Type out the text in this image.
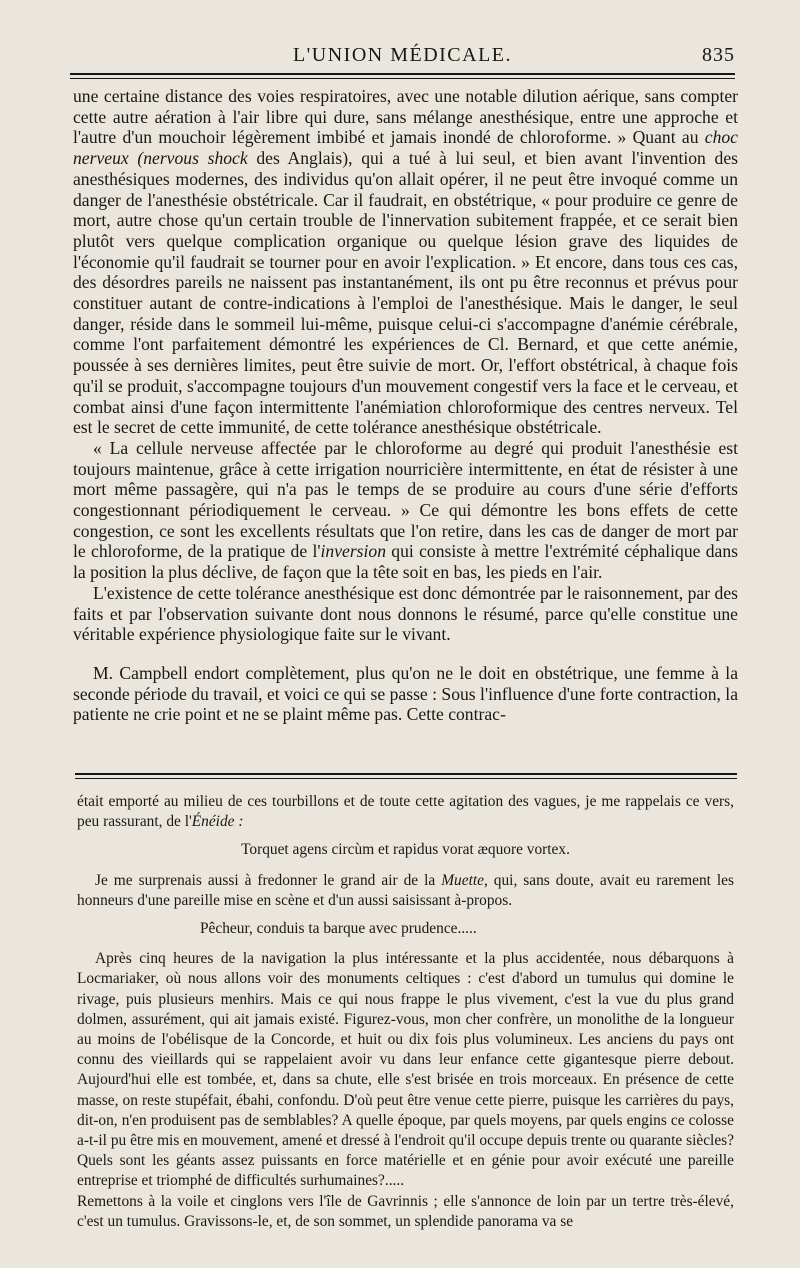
L'UNION MÉDICALE.	835

une certaine distance des voies respiratoires, avec une notable dilution aérique, sans compter cette autre aération à l'air libre qui dure, sans mélange anesthésique, entre une approche et l'autre d'un mouchoir légèrement imbibé et jamais inondé de chloroforme. » Quant au choc nerveux (nervous shock des Anglais), qui a tué à lui seul, et bien avant l'invention des anesthésiques modernes, des individus qu'on allait opérer, il ne peut être invoqué comme un danger de l'anesthésie obstétricale. Car il faudrait, en obstétrique, « pour produire ce genre de mort, autre chose qu'un certain trouble de l'innervation subitement frappée, et ce serait bien plutôt vers quelque complication organique ou quelque lésion grave des liquides de l'économie qu'il faudrait se tourner pour en avoir l'explication. » Et encore, dans tous ces cas, des désordres pareils ne naissent pas instantanément, ils ont pu être reconnus et prévus pour constituer autant de contre-indications à l'emploi de l'anesthésique. Mais le danger, le seul danger, réside dans le sommeil lui-même, puisque celui-ci s'accompagne d'anémie cérébrale, comme l'ont parfaitement démontré les expériences de Cl. Bernard, et que cette anémie, poussée à ses dernières limites, peut être suivie de mort. Or, l'effort obstétrical, à chaque fois qu'il se produit, s'accompagne toujours d'un mouvement congestif vers la face et le cerveau, et combat ainsi d'une façon intermittente l'anémiation chloroformique des centres nerveux. Tel est le secret de cette immunité, de cette tolérance anesthésique obstétricale.

« La cellule nerveuse affectée par le chloroforme au degré qui produit l'anesthésie est toujours maintenue, grâce à cette irrigation nourricière intermittente, en état de résister à une mort même passagère, qui n'a pas le temps de se produire au cours d'une série d'efforts congestionnant périodiquement le cerveau. » Ce qui démontre les bons effets de cette congestion, ce sont les excellents résultats que l'on retire, dans les cas de danger de mort par le chloroforme, de la pratique de l'inversion qui consiste à mettre l'extrémité céphalique dans la position la plus déclive, de façon que la tête soit en bas, les pieds en l'air.

L'existence de cette tolérance anesthésique est donc démontrée par le raisonnement, par des faits et par l'observation suivante dont nous donnons le résumé, parce qu'elle constitue une véritable expérience physiologique faite sur le vivant.

M. Campbell endort complètement, plus qu'on ne le doit en obstétrique, une femme à la seconde période du travail, et voici ce qui se passe : Sous l'influence d'une forte contraction, la patiente ne crie point et ne se plaint même pas. Cette contrac-

était emporté au milieu de ces tourbillons et de toute cette agitation des vagues, je me rappelais ce vers, peu rassurant, de l'Énéide :

Torquet agens circùm et rapidus vorat æquore vortex.

Je me surprenais aussi à fredonner le grand air de la Muette, qui, sans doute, avait eu rarement les honneurs d'une pareille mise en scène et d'un aussi saisissant à-propos.

Pêcheur, conduis ta barque avec prudence.....

Après cinq heures de la navigation la plus intéressante et la plus accidentée, nous débarquons à Locmariaker, où nous allons voir des monuments celtiques : c'est d'abord un tumulus qui domine le rivage, puis plusieurs menhirs. Mais ce qui nous frappe le plus vivement, c'est la vue du plus grand dolmen, assurément, qui ait jamais existé. Figurez-vous, mon cher confrère, un monolithe de la longueur au moins de l'obélisque de la Concorde, et huit ou dix fois plus volumineux. Les anciens du pays ont connu des vieillards qui se rappelaient avoir vu dans leur enfance cette gigantesque pierre debout. Aujourd'hui elle est tombée, et, dans sa chute, elle s'est brisée en trois morceaux. En présence de cette masse, on reste stupéfait, ébahi, confondu. D'où peut être venue cette pierre, puisque les carrières du pays, dit-on, n'en produisent pas de semblables? A quelle époque, par quels moyens, par quels engins ce colosse a-t-il pu être mis en mouvement, amené et dressé à l'endroit qu'il occupe depuis trente ou quarante siècles? Quels sont les géants assez puissants en force matérielle et en génie pour avoir exécuté une pareille entreprise et triomphé de difficultés surhumaines?.....

Remettons à la voile et cinglons vers l'île de Gavrinnis ; elle s'annonce de loin par un tertre très-élevé, c'est un tumulus. Gravissons-le, et, de son sommet, un splendide panorama va se
